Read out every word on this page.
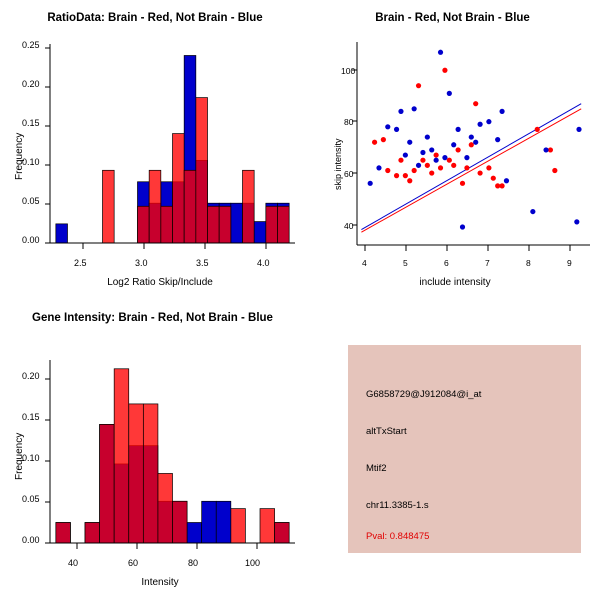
RatioData: Brain - Red, Not Brain - Blue
Frequency
0.00
0.05
0.10
0.15
0.20
0.25
2.5	3.0	3.5	4.0
Log2 Ratio Skip/Include
Brain - Red, Not Brain - Blue
skip intensity
40
60
80
100
4	5	6	7	8	9
include intensity
Gene Intensity: Brain - Red, Not Brain - Blue
Frequency
0.00
0.05
0.10
0.15
0.20
40	60	80	100
Intensity
G6858729@J912084@i_at
altTxStart
Mtif2
chr11.3385-1.s
Pval: 0.848475
